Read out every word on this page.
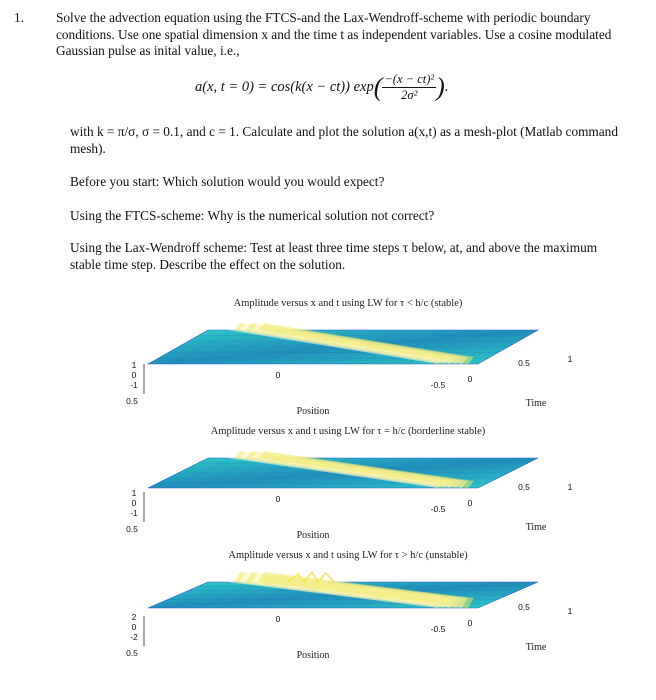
1. Solve the advection equation using the FTCS-and the Lax-Wendroff-scheme with periodic boundary conditions. Use one spatial dimension x and the time t as independent variables. Use a cosine modulated Gaussian pulse as inital value, i.e.,
a(x, t = 0) = cos(k(x − ct)) $\exp( \frac{\text{−(x − ct)²}}{\text{2σ²}}$ ).
with k = π/σ, σ = 0.1, and c = 1. Calculate and plot the solution a(x,t) as a mesh-plot (Matlab command mesh).
Before you start: Which solution would you would expect?
Using the FTCS-scheme: Why is the numerical solution not correct?
Using the Lax-Wendroff scheme: Test at least three time steps τ below, at, and above the maximum stable time step. Describe the effect on the solution.
Amplitude versus x and t using LW for τ < h/c (stable)
1
0
-1
0.5
0
-0.5
0
0.5	1
Position
Time
Amplitude versus x and t using LW for τ = h/c (borderline stable)
1
0
-1
0.5
0
-0.5
0
0.5	1
Position
Time
Amplitude versus x and t using LW for τ > h/c (unstable)
2
0
-2
0.5
0
-0.5
0
0.5	1
Position
Time
